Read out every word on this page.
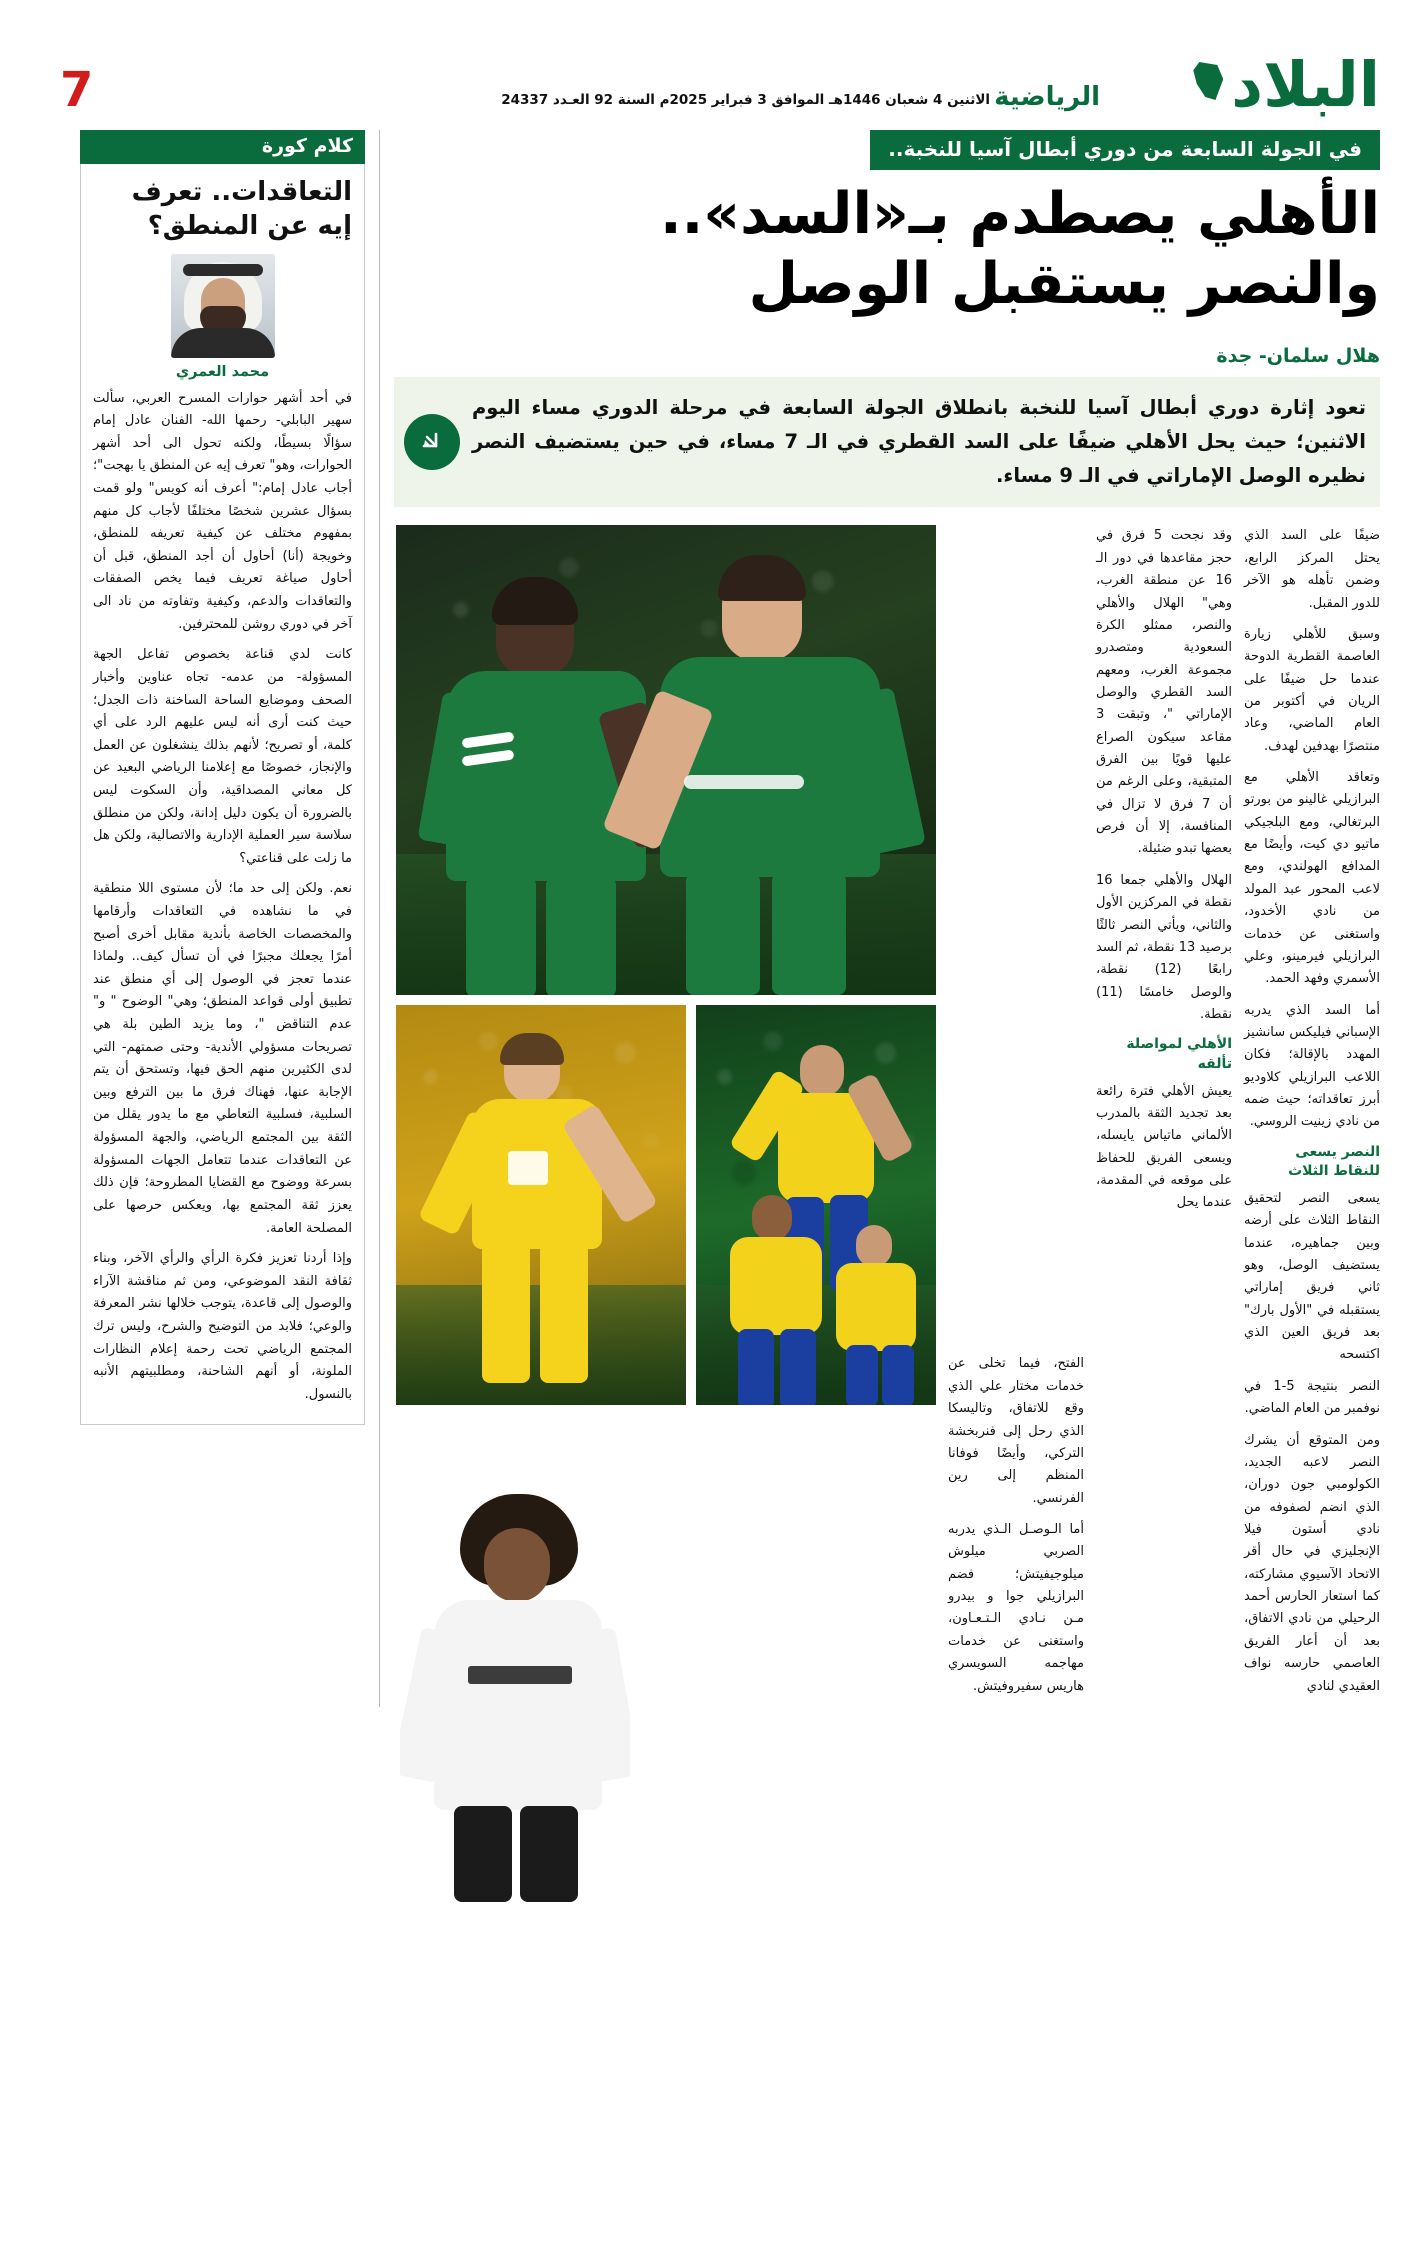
البلاد
الرياضية
الاثنين 4 شعبان 1446هـ الموافق 3 فبراير 2025م السنة 92 العـدد 24337
7
في الجولة السابعة من دوري أبطال آسيا للنخبة..
الأهلي يصطدم بـ«السد»..
والنصر يستقبل الوصل
هلال سلمان- جدة
تعود إثارة دوري أبطال آسيا للنخبة بانطلاق الجولة السابعة في مرحلة الدوري مساء اليوم الاثنين؛ حيث يحل الأهلي ضيفًا على السد القطري في الـ 7 مساء، في حين يستضيف النصر نظيره الوصل الإماراتي في الـ 9 مساء.

ضيفًا على السد الذي يحتل المركز الرابع، وضمن تأهله هو الآخر للدور المقبل.

وسبق للأهلي زيارة العاصمة القطرية الدوحة عندما حل ضيفًا على الريان في أكتوبر من العام الماضي، وعاد منتصرًا بهدفين لهدف.

وتعاقد الأهلي مع البرازيلي غالينو من بورتو البرتغالي، ومع البلجيكي ماتيو دي كيت، وأيضًا مع المدافع الهولندي، ومع لاعب المحور عبد المولد من نادي الأخدود، واستغنى عن خدمات البرازيلي فيرمينو، وعلي الأسمري وفهد الحمد.

أما السد الذي يدربه الإسباني فيليكس سانشيز المهدد بالإقالة؛ فكان اللاعب البرازيلي كلاوديو أبرز تعاقداته؛ حيث ضمه من نادي زينيت الروسي.

النصر يسعى للنقاط الثلاث

يسعى النصر لتحقيق النقاط الثلاث على أرضه وبين جماهيره، عندما يستضيف الوصل، وهو ثاني فريق إماراتي يستقبله في "الأول بارك" بعد فريق العين الذي اكتسحه

النصر بنتيجة 5-1 في نوفمبر من العام الماضي.

ومن المتوقع أن يشرك النصر لاعبه الجديد، الكولومبي جون دوران، الذي انضم لصفوفه من نادي أستون فيلا الإنجليزي في حال أقر الاتحاد الآسيوي مشاركته، كما استعار الحارس أحمد الرحيلي من نادي الاتفاق، بعد أن أعار الفريق العاصمي حارسه نواف العقيدي لنادي

وقد نجحت 5 فرق في حجز مقاعدها في دور الـ 16 عن منطقة الغرب، وهي" الهلال والأهلي والنصر، ممثلو الكرة السعودية ومتصدرو مجموعة الغرب، ومعهم السد القطري والوصل الإماراتي "، وتبقت 3 مقاعد سيكون الصراع عليها قويًا بين الفرق المتبقية، وعلى الرغم من أن 7 فرق لا تزال في المنافسة، إلا أن فرص بعضها تبدو ضئيلة.

الهلال والأهلي جمعا 16 نقطة في المركزين الأول والثاني، ويأتي النصر ثالثًا برصيد 13 نقطة، ثم السد رابعًا (12) نقطة، والوصل خامسًا (11) نقطة.

الأهلي لمواصلة تألقه

يعيش الأهلي فترة رائعة بعد تجديد الثقة بالمدرب الألماني ماتياس يايسله، ويسعى الفريق للحفاظ على موقعه في المقدمة، عندما يحل

الفتح، فيما تخلى عن خدمات مختار علي الذي وقع للاتفاق، وتاليسكا الذي رحل إلى فنربخشة التركي، وأيضًا فوفانا المنظم إلى رين الفرنسي.

أما الـوصـل الـذي يدربه الصربي ميلوش ميلوجيفيتش؛ فضم البرازيلي جوا و بيدرو مـن نـادي الـتـعـاون، واستغنى عن خدمات مهاجمه السويسري هاريس سفيروفيتش.

كلام كورة
التعاقدات.. تعرف إيه عن المنطق؟
محمد العمري

في أحد أشهر حوارات المسرح العربي، سألت سهير البابلي- رحمها الله- الفنان عادل إمام سؤالًا بسيطًا، ولكنه تحول الى أحد أشهر الحوارات، وهو" تعرف إيه عن المنطق يا بهجت"؛ أجاب عادل إمام:" أعرف أنه كويس" ولو قمت بسؤال عشرين شخصًا مختلفًا لأجاب كل منهم بمفهوم مختلف عن كيفية تعريفه للمنطق، وخويجة (أنا) أحاول أن أجد المنطق، قبل أن أحاول صياغة تعريف فيما يخص الصفقات والتعاقدات والدعم، وكيفية وتفاوته من ناد الى آخر في دوري روشن للمحترفين.

كانت لدي قناعة بخصوص تفاعل الجهة المسؤولة- من عدمه- تجاه عناوين وأخبار الصحف وموضايع الساحة الساخنة ذات الجدل؛ حيث كنت أرى أنه ليس عليهم الرد على أي كلمة، أو تصريح؛ لأنهم بذلك ينشغلون عن العمل والإنجاز، خصوصًا مع إعلامنا الرياضي البعيد عن كل معاني المصداقية، وأن السكوت ليس بالضرورة أن يكون دليل إدانة، ولكن من منطلق سلاسة سير العملية الإدارية والاتصالية، ولكن هل ما زلت على قناعتي؟

نعم. ولكن إلى حد ما؛ لأن مستوى اللا منطقية في ما نشاهده في التعاقدات وأرقامها والمخصصات الخاصة بأندية مقابل أخرى أصبح أمرًا يجعلك مجبرًا في أن تسأل كيف.. ولماذا عندما تعجز في الوصول إلى أي منطق عند تطبيق أولى قواعد المنطق؛ وهي" الوضوح " و" عدم التناقض "، وما يزيد الطين بلة هي تصريحات مسؤولي الأندية- وحتى صمتهم- التي لدى الكثيرين منهم الحق فيها، وتستحق أن يتم الإجابة عنها، فهناك فرق ما بين الترفع وبين السلبية، فسلبية التعاطي مع ما يدور يقلل من الثقة بين المجتمع الرياضي، والجهة المسؤولة عن التعاقدات عندما تتعامل الجهات المسؤولة بسرعة ووضوح مع القضايا المطروحة؛ فإن ذلك يعزز ثقة المجتمع بها، ويعكس حرصها على المصلحة العامة.

وإذا أردنا تعزيز فكرة الرأي والرأي الآخر، وبناء ثقافة النقد الموضوعي، ومن ثم مناقشة الآراء والوصول إلى قاعدة، يتوجب خلالها نشر المعرفة والوعي؛ فلابد من التوضيح والشرح، وليس ترك المجتمع الرياضي تحت رحمة إعلام النظارات الملونة، أو أنهم الشاحنة، ومطلبيتهم الأنبه بالنسول.
